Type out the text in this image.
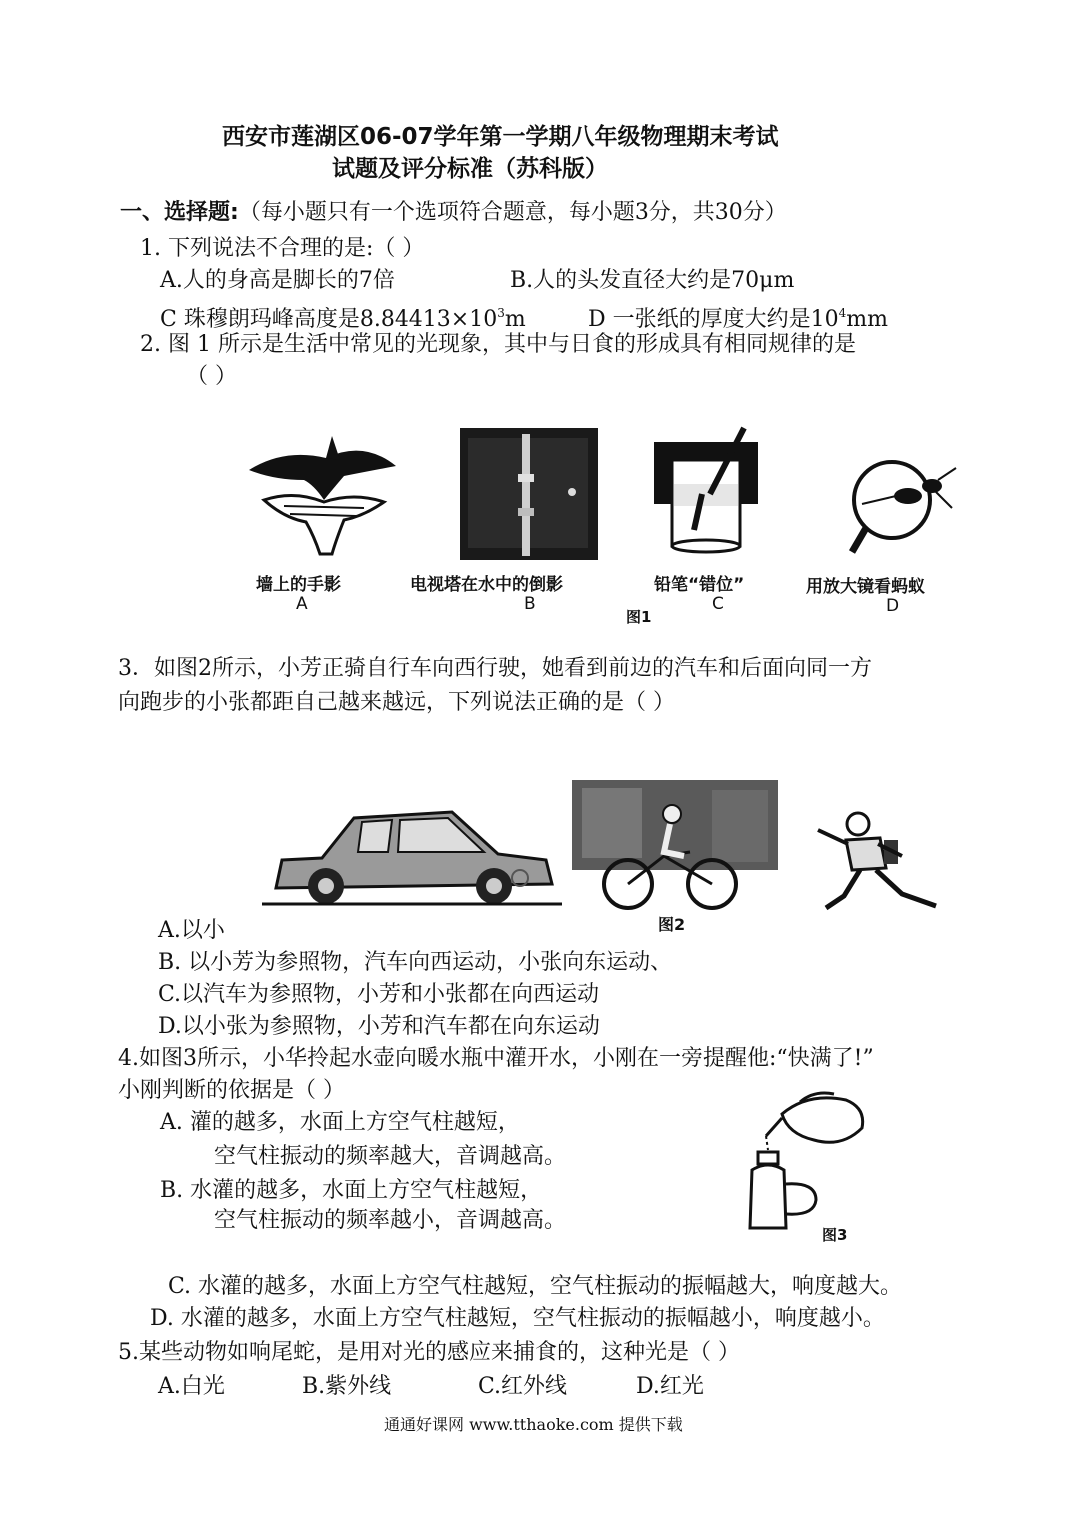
西安市莲湖区06-07学年第一学期八年级物理期末考试
试题及评分标准（苏科版）
一、选择题:（每小题只有一个选项符合题意，每小题3分，共30分）
1. 下列说法不合理的是:（ ）
A.人的身高是脚长的7倍	B.人的头发直径大约是70μm
C 珠穆朗玛峰高度是$8.84413\times 10^3m$	D 一张纸的厚度大约是$10^4mm$
2. 图 1 所示是生活中常见的光现象，其中与日食的形成具有相同规律的是
（ ）
墙上的手影
A
电视塔在水中的倒影
B
铅笔“错位”
C
用放大镜看蚂蚁
D
图1
3．如图2所示，小芳正骑自行车向西行驶，她看到前边的汽车和后面向同一方
向跑步的小张都距自己越来越远，下列说法正确的是（ ）
图2
A.以小
B. 以小芳为参照物，汽车向西运动，小张向东运动、
C.以汽车为参照物，小芳和小张都在向西运动
D.以小张为参照物，小芳和汽车都在向东运动
4.如图3所示，小华拎起水壶向暖水瓶中灌开水，小刚在一旁提醒他:“快满了!”
小刚判断的依据是（ ）
A. 灌的越多，水面上方空气柱越短，
空气柱振动的频率越大，音调越高。
B. 水灌的越多，水面上方空气柱越短，
空气柱振动的频率越小，音调越高。
图3
C. 水灌的越多，水面上方空气柱越短，空气柱振动的振幅越大，响度越大。
D. 水灌的越多，水面上方空气柱越短，空气柱振动的振幅越小，响度越小。
5.某些动物如响尾蛇，是用对光的感应来捕食的，这种光是（ ）
A.白光	B.紫外线	C.红外线	D.红光
通通好课网 www.tthaoke.com 提供下载
